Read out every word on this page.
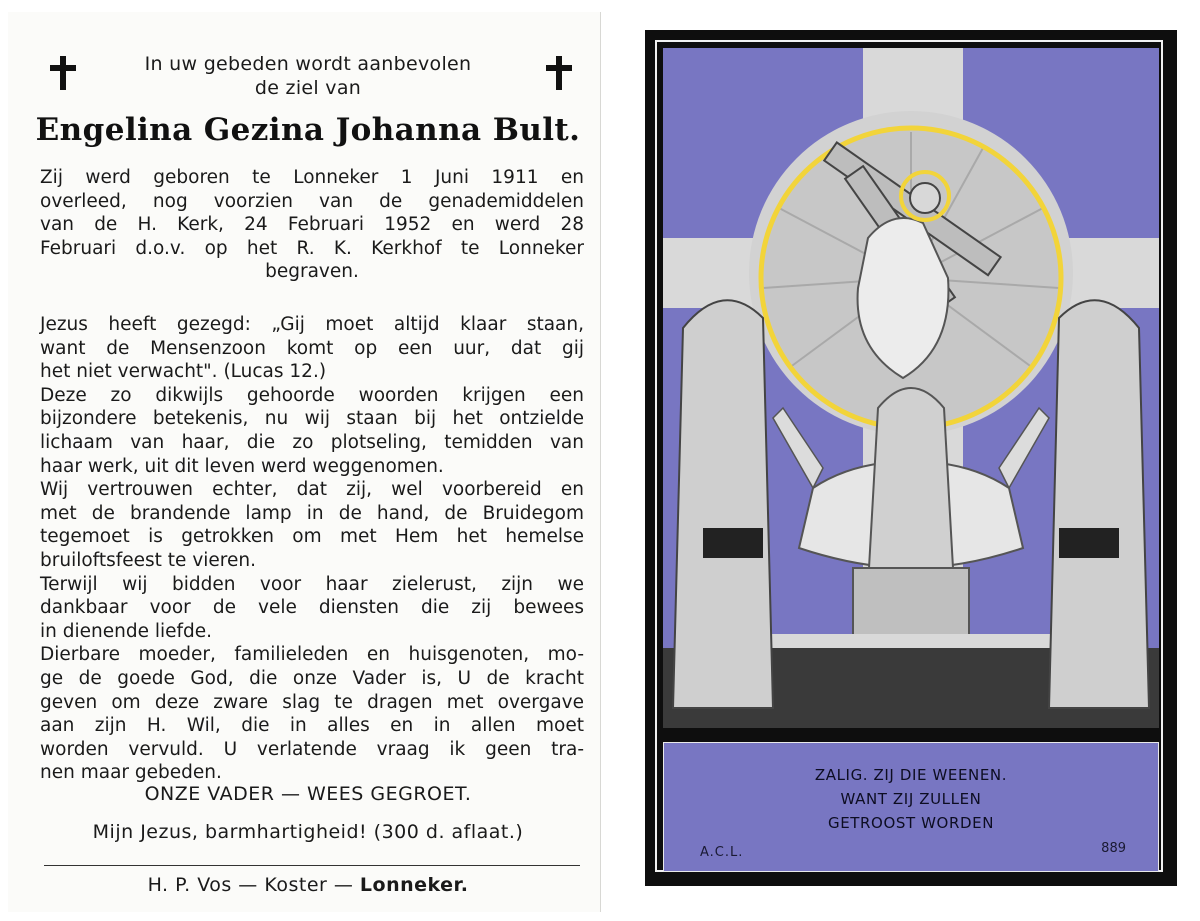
In uw gebeden wordt aanbevolen
de ziel van
Engelina Gezina Johanna Bult.
Zij werd geboren te Lonneker 1 Juni 1911 en
overleed, nog voorzien van de genademiddelen
van de H. Kerk, 24 Februari 1952 en werd 28
Februari d.o.v. op het R. K. Kerkhof te Lonneker
begraven.
Jezus heeft gezegd: „Gij moet altijd klaar staan,
want de Mensenzoon komt op een uur, dat gij
het niet verwacht". (Lucas 12.)
Deze zo dikwijls gehoorde woorden krijgen een
bijzondere betekenis, nu wij staan bij het ontzielde
lichaam van haar, die zo plotseling, temidden van
haar werk, uit dit leven werd weggenomen.
Wij vertrouwen echter, dat zij, wel voorbereid en
met de brandende lamp in de hand, de Bruidegom
tegemoet is getrokken om met Hem het hemelse
bruiloftsfeest te vieren.
Terwijl wij bidden voor haar zielerust, zijn we
dankbaar voor de vele diensten die zij bewees
in dienende liefde.
Dierbare moeder, familieleden en huisgenoten, mo-
ge de goede God, die onze Vader is, U de kracht
geven om deze zware slag te dragen met overgave
aan zijn H. Wil, die in alles en in allen moet
worden vervuld. U verlatende vraag ik geen tra-
nen maar gebeden.
ONZE VADER — WEES GEGROET.
Mijn Jezus, barmhartigheid! (300 d. aflaat.)
H. P. Vos — Koster — Lonneker.
ZALIG. ZIJ DIE WEENEN.
WANT ZIJ ZULLEN
GETROOST WORDEN
A.C.L.	889
